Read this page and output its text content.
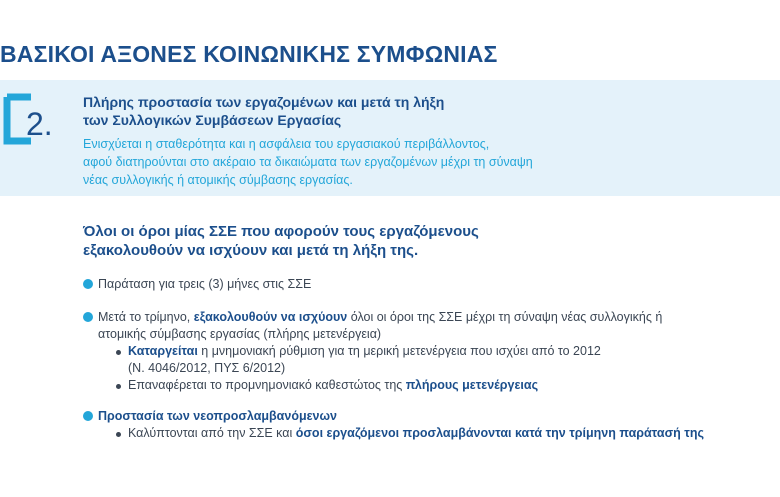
ΒΑΣΙΚΟΙ ΑΞΟΝΕΣ ΚΟΙΝΩΝΙΚΗΣ ΣΥΜΦΩΝΙΑΣ
2.
Πλήρης προστασία των εργαζομένων και μετά τη λήξη
των Συλλογικών Συμβάσεων Εργασίας
Ενισχύεται η σταθερότητα και η ασφάλεια του εργασιακού περιβάλλοντος,
αφού διατηρούνται στο ακέραιο τα δικαιώματα των εργαζομένων μέχρι τη σύναψη
νέας συλλογικής ή ατομικής σύμβασης εργασίας.
Όλοι οι όροι μίας ΣΣΕ που αφορούν τους εργαζόμενους
εξακολουθούν να ισχύουν και μετά τη λήξη της.
Παράταση για τρεις (3) μήνες στις ΣΣΕ
Μετά το τρίμηνο, εξακολουθούν να ισχύουν όλοι οι όροι της ΣΣΕ μέχρι τη σύναψη νέας συλλογικής ή
ατομικής σύμβασης εργασίας (πλήρης μετενέργεια)
Καταργείται η μνημονιακή ρύθμιση για τη μερική μετενέργεια που ισχύει από το 2012
(Ν. 4046/2012, ΠΥΣ 6/2012)
Επαναφέρεται το προμνημονιακό καθεστώτος της πλήρους μετενέργειας
Προστασία των νεοπροσλαμβανόμενων
Καλύπτονται από την ΣΣΕ και όσοι εργαζόμενοι προσλαμβάνονται κατά την τρίμηνη παράτασή της
